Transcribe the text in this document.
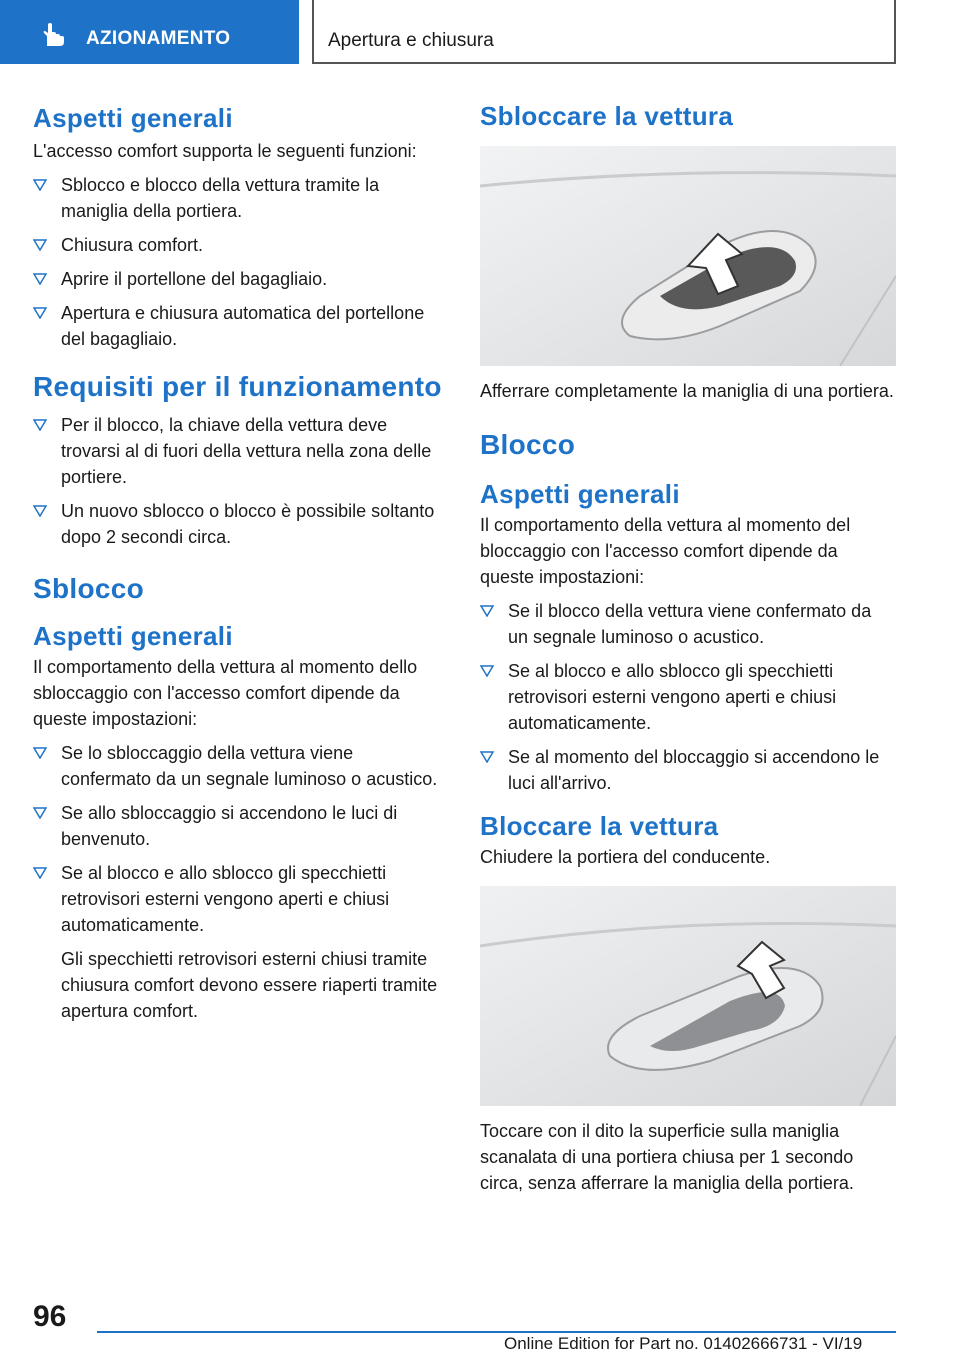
AZIONAMENTO	Apertura e chiusura
Aspetti generali

L'accesso comfort supporta le seguenti funzioni:

Sblocco e blocco della vettura tramite la maniglia della portiera.
Chiusura comfort.
Aprire il portellone del bagagliaio.
Apertura e chiusura automatica del portellone del bagagliaio.
Requisiti per il funzionamento
Per il blocco, la chiave della vettura deve trovarsi al di fuori della vettura nella zona delle portiere.
Un nuovo sblocco o blocco è possibile soltanto dopo 2 secondi circa.
Sblocco
Aspetti generali

Il comportamento della vettura al momento dello sbloccaggio con l'accesso comfort dipende da queste impostazioni:

Se lo sbloccaggio della vettura viene confermato da un segnale luminoso o acustico.
Se allo sbloccaggio si accendono le luci di benvenuto.
Se al blocco e allo sblocco gli specchietti retrovisori esterni vengono aperti e chiusi automaticamente.

Gli specchietti retrovisori esterni chiusi tramite chiusura comfort devono essere riaperti tramite apertura comfort.

Sbloccare la vettura

Afferrare completamente la maniglia di una portiera.

Blocco
Aspetti generali

Il comportamento della vettura al momento del bloccaggio con l'accesso comfort dipende da queste impostazioni:

Se il blocco della vettura viene confermato da un segnale luminoso o acustico.
Se al blocco e allo sblocco gli specchietti retrovisori esterni vengono aperti e chiusi automaticamente.
Se al momento del bloccaggio si accendono le luci all'arrivo.
Bloccare la vettura

Chiudere la portiera del conducente.

Toccare con il dito la superficie sulla maniglia scanalata di una portiera chiusa per 1 secondo circa, senza afferrare la maniglia della portiera.

96
Online Edition for Part no. 01402666731 - VI/19
